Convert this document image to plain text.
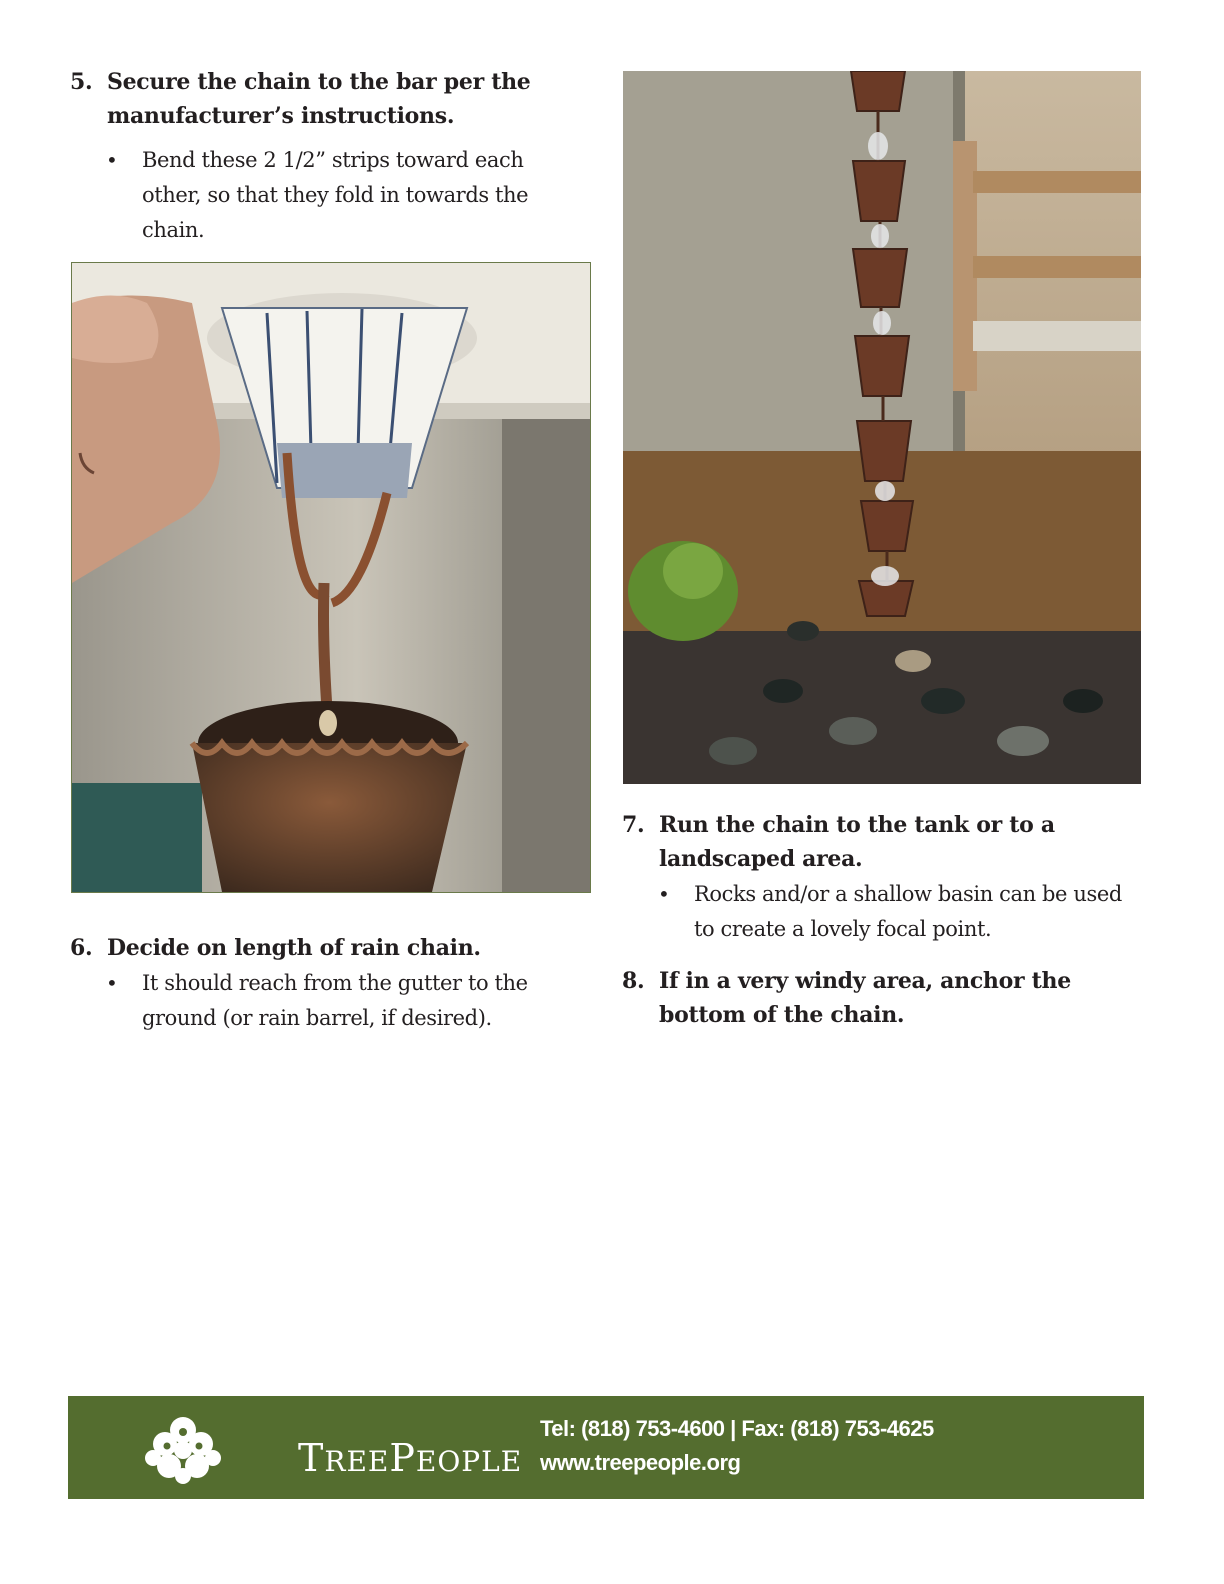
5. Secure the chain to the bar per the manufacturer’s instructions.
•	Bend these 2 1/2” strips toward each other, so that they fold in towards the chain.
6. Decide on length of rain chain.
•	It should reach from the gutter to the ground (or rain barrel, if desired).
7. Run the chain to the tank or to a landscaped area.
•	Rocks and/or a shallow basin can be used to create a lovely focal point.
8. If in a very windy area, anchor the bottom of the chain.
TREEPEOPLE
Tel: (818) 753-4600 | Fax: (818) 753-4625
www.treepeople.org
